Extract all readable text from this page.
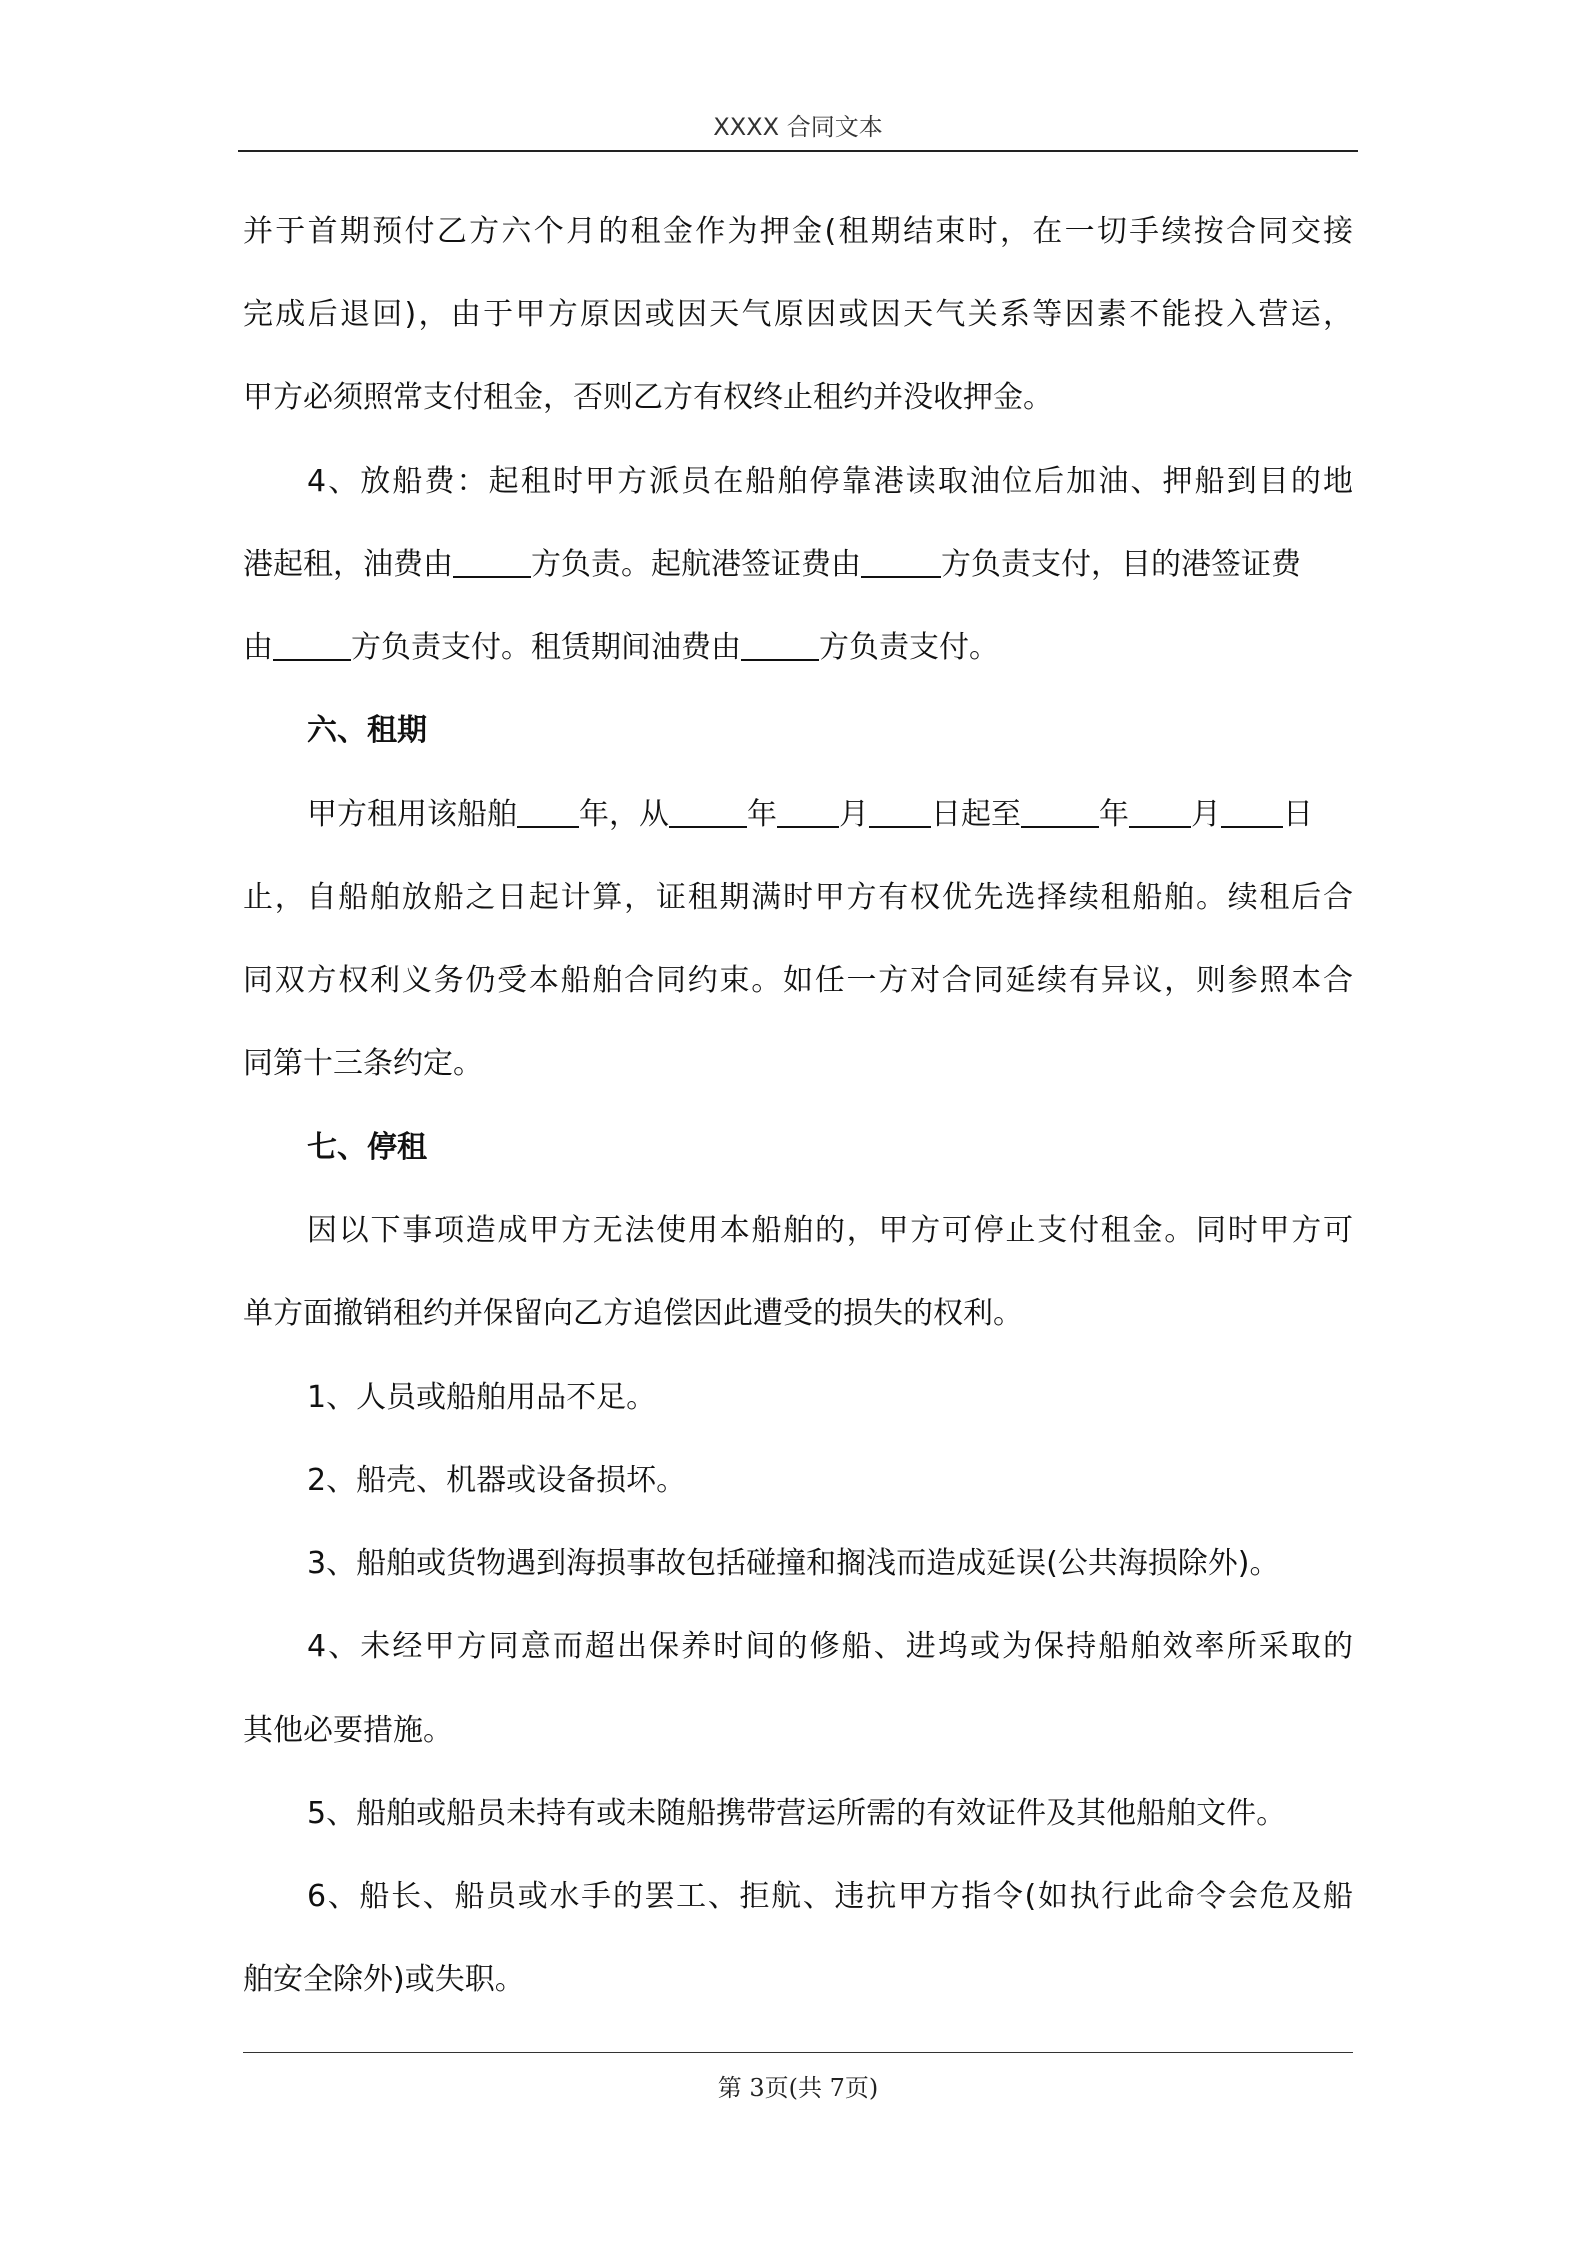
XXXX 合同文本
并于首期预付乙方六个月的租金作为押金(租期结束时，在一切手续按合同交接
完成后退回)，由于甲方原因或因天气原因或因天气关系等因素不能投入营运，
甲方必须照常支付租金，否则乙方有权终止租约并没收押金。
4、放船费：起租时甲方派员在船舶停靠港读取油位后加油、押船到目的地
港起租，油费由	方负责。起航港签证费由	方负责支付，目的港签证费
由	方负责支付。租赁期间油费由	方负责支付。
六、租期
甲方租用该船舶 年，从	年 月 日起至	年 月 日
止，自船舶放船之日起计算，证租期满时甲方有权优先选择续租船舶。续租后合
同双方权利义务仍受本船舶合同约束。如任一方对合同延续有异议，则参照本合
同第十三条约定。
七、停租
因以下事项造成甲方无法使用本船舶的，甲方可停止支付租金。同时甲方可
单方面撤销租约并保留向乙方追偿因此遭受的损失的权利。
1、人员或船舶用品不足。
2、船壳、机器或设备损坏。
3、船舶或货物遇到海损事故包括碰撞和搁浅而造成延误(公共海损除外)。
4、未经甲方同意而超出保养时间的修船、进坞或为保持船舶效率所采取的
其他必要措施。
5、船舶或船员未持有或未随船携带营运所需的有效证件及其他船舶文件。
6、船长、船员或水手的罢工、拒航、违抗甲方指令(如执行此命令会危及船
舶安全除外)或失职。
第 3页(共 7页)
